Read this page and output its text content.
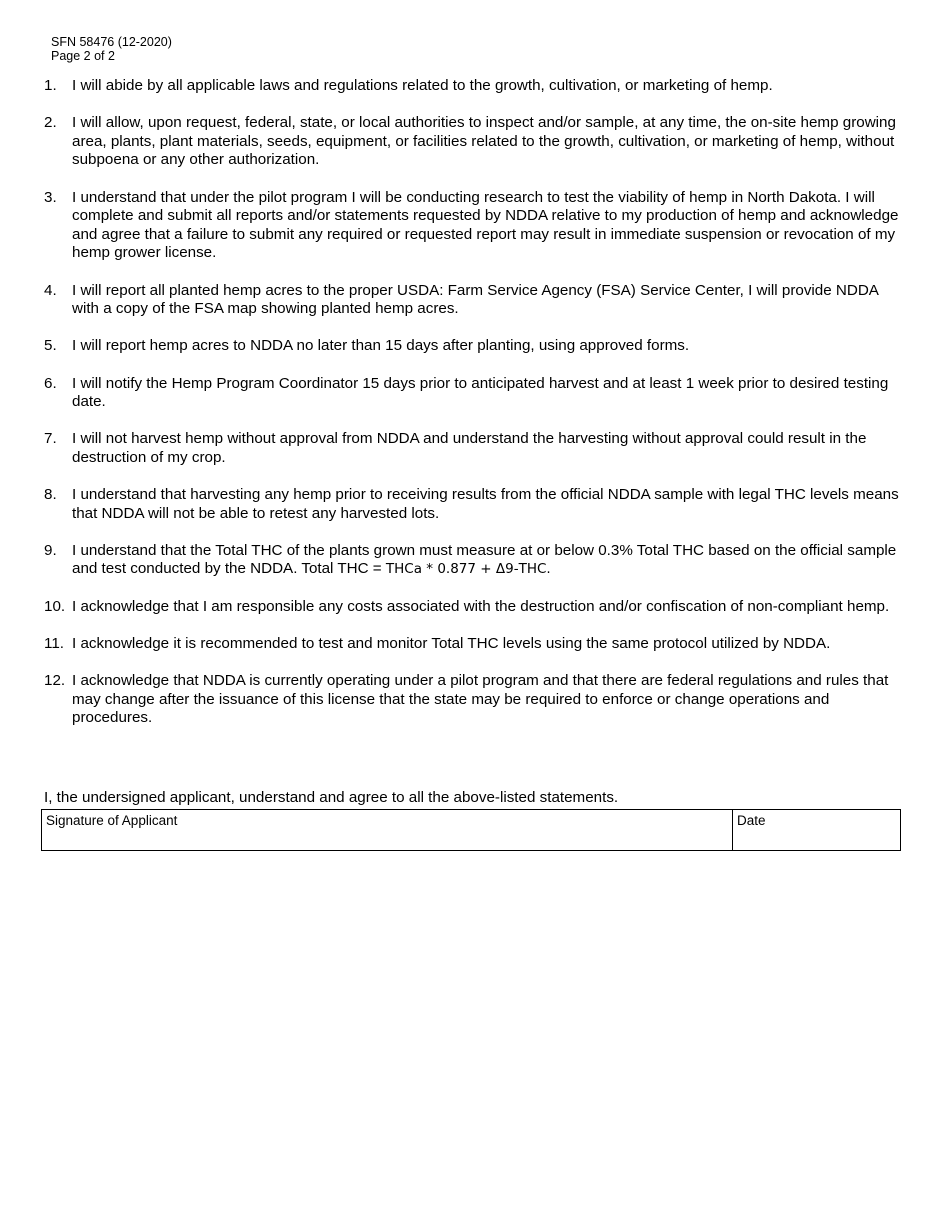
SFN 58476 (12-2020)
Page 2 of 2
1.	I will abide by all applicable laws and regulations related to the growth, cultivation, or marketing of hemp.
2.	I will allow, upon request, federal, state, or local authorities to inspect and/or sample, at any time, the on-site hemp growing area, plants, plant materials, seeds, equipment, or facilities related to the growth, cultivation, or marketing of hemp, without subpoena or any other authorization.
3.	I understand that under the pilot program I will be conducting research to test the viability of hemp in North Dakota. I will complete and submit all reports and/or statements requested by NDDA relative to my production of hemp and acknowledge and agree that a failure to submit any required or requested report may result in immediate suspension or revocation of my hemp grower license.
4.	I will report all planted hemp acres to the proper USDA: Farm Service Agency (FSA) Service Center, I will provide NDDA with a copy of the FSA map showing planted hemp acres.
5.	I will report hemp acres to NDDA no later than 15 days after planting, using approved forms.
6.	I will notify the Hemp Program Coordinator 15 days prior to anticipated harvest and at least 1 week prior to desired testing date.
7.	I will not harvest hemp without approval from NDDA and understand the harvesting without approval could result in the destruction of my crop.
8.	I understand that harvesting any hemp prior to receiving results from the official NDDA sample with legal THC levels means that NDDA will not be able to retest any harvested lots.
9.	I understand that the Total THC of the plants grown must measure at or below 0.3% Total THC based on the official sample and test conducted by the NDDA. Total THC = THCa * 0.877 + Δ9-THC.
10. I acknowledge that I am responsible any costs associated with the destruction and/or confiscation of non-compliant hemp.
11. I acknowledge it is recommended to test and monitor Total THC levels using the same protocol utilized by NDDA.
12. I acknowledge that NDDA is currently operating under a pilot program and that there are federal regulations and rules that may change after the issuance of this license that the state may be required to enforce or change operations and procedures.
I, the undersigned applicant, understand and agree to all the above-listed statements.
Signature of Applicant	Date
